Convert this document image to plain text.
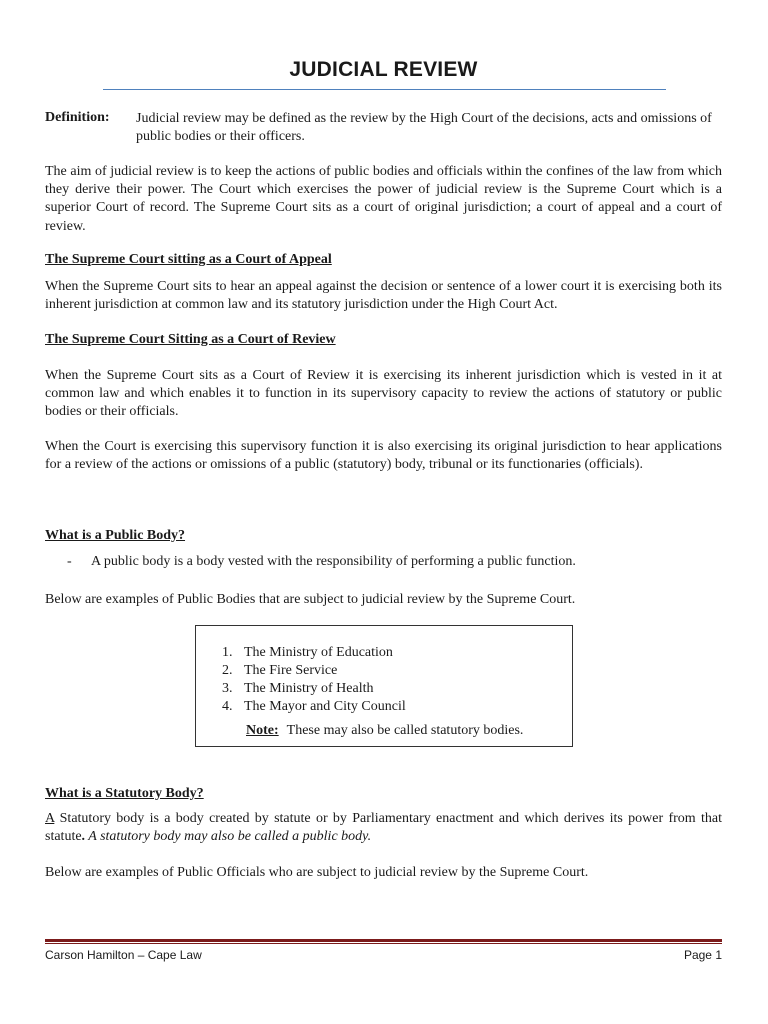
JUDICIAL REVIEW
Definition: Judicial review may be defined as the review by the High Court of the decisions, acts and omissions of public bodies or their officers.

The aim of judicial review is to keep the actions of public bodies and officials within the confines of the law from which they derive their power. The Court which exercises the power of judicial review is the Supreme Court which is a superior Court of record. The Supreme Court sits as a court of original jurisdiction; a court of appeal and a court of review.

The Supreme Court sitting as a Court of Appeal

When the Supreme Court sits to hear an appeal against the decision or sentence of a lower court it is exercising both its inherent jurisdiction at common law and its statutory jurisdiction under the High Court Act.

The Supreme Court Sitting as a Court of Review

When the Supreme Court sits as a Court of Review it is exercising its inherent jurisdiction which is vested in it at common law and which enables it to function in its supervisory capacity to review the actions of statutory or public bodies or their officials.

When the Court is exercising this supervisory function it is also exercising its original jurisdiction to hear applications for a review of the actions or omissions of a public (statutory) body, tribunal or its functionaries (officials).

What is a Public Body?
- A public body is a body vested with the responsibility of performing a public function.

Below are examples of Public Bodies that are subject to judicial review by the Supreme Court.

1. The Ministry of Education
2. The Fire Service
3. The Ministry of Health
4. The Mayor and City Council
Note: These may also be called statutory bodies.
What is a Statutory Body?

A Statutory body is a body created by statute or by Parliamentary enactment and which derives its power from that statute. A statutory body may also be called a public body.

Below are examples of Public Officials who are subject to judicial review by the Supreme Court.

Carson Hamilton – Cape Law	Page 1
